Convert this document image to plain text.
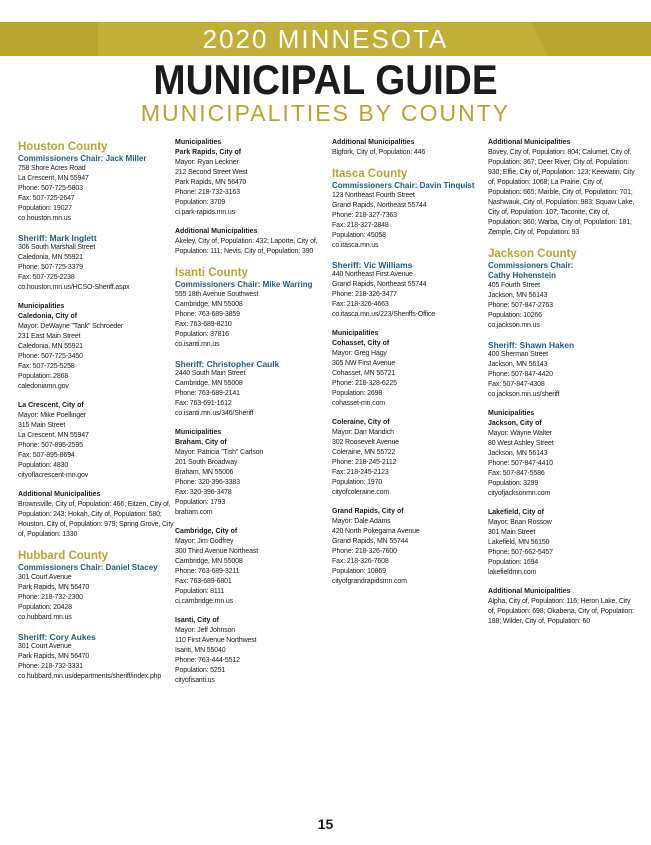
2020 MINNESOTA
MUNICIPAL GUIDE
MUNICIPALITIES BY COUNTY
Houston County
Commissioners Chair: Jack Miller
758 Shore Acres Road
La Crescent, MN 55947
Phone: 507-725-5803
Fax: 507-725-2647
Population: 19027
co.houston.mn.us
Sheriff: Mark Inglett
306 South Marshall Street
Caledonia, MN 55921
Phone: 507-725-3379
Fax: 507-725-2238
co.houston.mn.us/HCSO-Sheriff.aspx
Municipalities
Caledonia, City of
Mayor: DeWayne "Tank" Schroeder
231 East Main Street
Caledonia, MN 55921
Phone: 507-725-3450
Fax: 507-725-5258
Population: 2868
caledoniamn.gov
La Crescent, City of
Mayor: Mike Poellinger
315 Main Street
La Crescent, MN 55947
Phone: 507-895-2595
Fax: 507-895-8694
Population: 4830
cityoflacrescent-mn.gov
Additional Municipalities
Brownsville, City of, Population: 466; Eitzen, City of, Population: 243; Hokah, City of, Population: 580; Houston, City of, Population: 979; Spring Grove, City of, Population: 1330
Hubbard County
Commissioners Chair: Daniel Stacey
301 Court Avenue
Park Rapids, MN 56470
Phone: 218-732-2300
Population: 20428
co.hubbard.mn.us
Sheriff: Cory Aukes
301 Court Avenue
Park Rapids, MN 56470
Phone: 218-732-3331
co.hubbard.mn.us/departments/sheriff/index.php
Municipalities
Park Rapids, City of
Mayor: Ryan Leckner
212 Second Street West
Park Rapids, MN 56470
Phone: 218-732-3163
Population: 3709
ci.park-rapids.mn.us
Additional Municipalities
Akeley, City of, Population: 432; Laporte, City of, Population: 111; Nevis, City of, Population: 390
Isanti County
Commissioners Chair: Mike Warring
555 18th Avenue Southwest
Cambridge, MN 55008
Phone: 763-689-3859
Fax: 763-689-8210
Population: 37816
co.isanti.mn.us
Sheriff: Christopher Caulk
2440 South Main Street
Cambridge, MN 55008
Phone: 763-689-2141
Fax: 763-691-1612
co.isanti.mn.us/346/Sheriff
Municipalities
Braham, City of
Mayor: Patricia "Tish" Carlson
201 South Broadway
Braham, MN 55006
Phone: 320-396-3383
Fax: 320-396-3478
Population: 1793
braham.com
Cambridge, City of
Mayor: Jim Godfrey
300 Third Avenue Northeast
Cambridge, MN 55008
Phone: 763-689-3211
Fax: 763-689-6801
Population: 8111
ci.cambridge.mn.us
Isanti, City of
Mayor: Jeff Johnson
110 First Avenue Northwest
Isanti, MN 55040
Phone: 763-444-5512
Population: 5251
cityofisanti.us
Additional Municipalities
Bigfork, City of, Population: 446
Itasca County
Commissioners Chair: Davin Tinquist
123 Northeast Fourth Street
Grand Rapids, Northeast 55744
Phone: 218-327-7363
Fax: 218-327-2848
Population: 45058
co.itasca.mn.us
Sheriff: Vic Williams
440 Northeast First Avenue
Grand Rapids, Northeast 55744
Phone: 218-326-3477
Fax: 218-326-4663
co.itasca.mn.us/223/Sheriffs-Office
Municipalities
Cohasset, City of
Mayor: Greg Hagy
305 NW First Avenue
Cohasset, MN 55721
Phone: 218-328-6225
Population: 2698
cohasset-mn.com
Coleraine, City of
Mayor: Dan Mandich
302 Roosevelt Avenue
Coleraine, MN 55722
Phone: 218-245-2112
Fax: 218-245-2123
Population: 1970
cityofcoleraine.com
Grand Rapids, City of
Mayor: Dale Adams
420 North Pokegama Avenue
Grand Rapids, MN 55744
Phone: 218-326-7600
Fax: 218-326-7608
Population: 10869
cityofgrandrapidsmn.com
Additional Municipalities
Bovey, City of, Population: 804; Calumet, City of, Population: 367; Deer River, City of, Population: 930; Effie, City of, Population: 123; Keewatin, City of, Population: 1068; La Prairie, City of, Population: 665; Marble, City of, Population: 701; Nashwauk, City of, Population: 983; Squaw Lake, City of, Population: 107; Taconite, City of, Population: 360; Warba, City of, Population: 181; Zemple, City of, Population: 93
Jackson County
Commissioners Chair:
Cathy Hohenstein
405 Fourth Street
Jackson, MN 56143
Phone: 507-847-2763
Population: 10266
co.jackson.mn.us
Sheriff: Shawn Haken
400 Sherman Street
Jackson, MN 56143
Phone: 507-847-4420
Fax: 507-847-4308
co.jackson.mn.us/sheriff
Municipalities
Jackson, City of
Mayor: Wayne Walter
80 West Ashley Street
Jackson, MN 56143
Phone: 507-847-4410
Fax: 507-847-5586
Population: 3299
cityofjacksonmn.com
Lakefield, City of
Mayor: Brian Rossow
301 Main Street
Lakefield, MN 56150
Phone: 507-662-5457
Population: 1694
lakefieldmn.com
Additional Municipalities
Alpha, City of, Population: 116; Heron Lake, City of, Population: 698; Okabena, City of, Population: 188; Wilder, City of, Population: 60
15
